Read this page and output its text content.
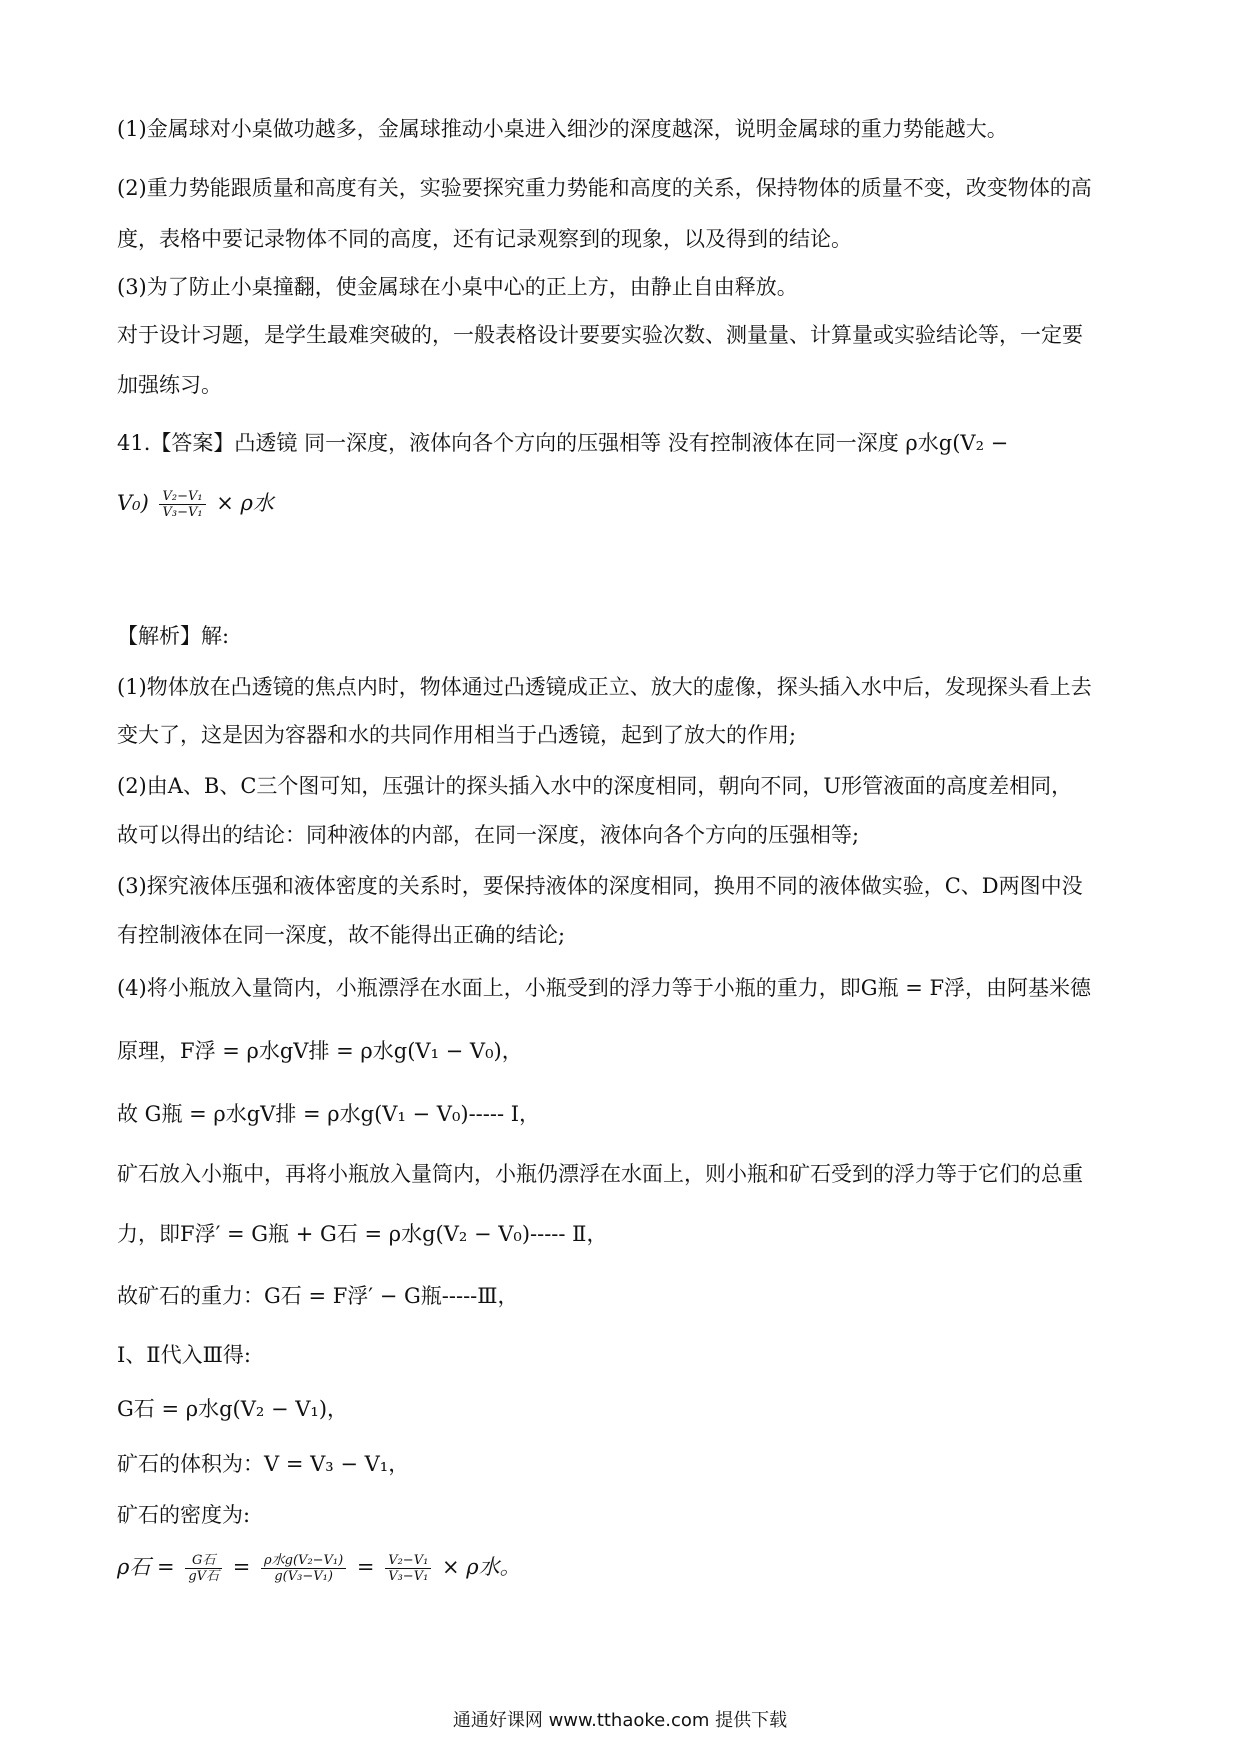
(1)金属球对小桌做功越多，金属球推动小桌进入细沙的深度越深，说明金属球的重力势能越大。
(2)重力势能跟质量和高度有关，实验要探究重力势能和高度的关系，保持物体的质量不变，改变物体的高
度，表格中要记录物体不同的高度，还有记录观察到的现象，以及得到的结论。
(3)为了防止小桌撞翻，使金属球在小桌中心的正上方，由静止自由释放。
对于设计习题，是学生最难突破的，一般表格设计要要实验次数、测量量、计算量或实验结论等，一定要
加强练习。
41.【答案】凸透镜 同一深度，液体向各个方向的压强相等 没有控制液体在同一深度 ρ水g(V₂ −
$V_0) \frac{\text{V₂−V₁}}{\text{V₃−V₁}} \times \rho$水
【解析】解:
(1)物体放在凸透镜的焦点内时，物体通过凸透镜成正立、放大的虚像，探头插入水中后，发现探头看上去
变大了，这是因为容器和水的共同作用相当于凸透镜，起到了放大的作用;
(2)由A、B、C三个图可知，压强计的探头插入水中的深度相同，朝向不同，U形管液面的高度差相同，
故可以得出的结论：同种液体的内部，在同一深度，液体向各个方向的压强相等;
(3)探究液体压强和液体密度的关系时，要保持液体的深度相同，换用不同的液体做实验，C、D两图中没
有控制液体在同一深度，故不能得出正确的结论;
(4)将小瓶放入量筒内，小瓶漂浮在水面上，小瓶受到的浮力等于小瓶的重力，即G瓶 = F浮，由阿基米德
原理，F浮 = ρ水gV排 = ρ水g(V₁ − V₀)，
故 G瓶 = ρ水gV排 = ρ水g(V₁ − V₀)----- Ⅰ，
矿石放入小瓶中，再将小瓶放入量筒内，小瓶仍漂浮在水面上，则小瓶和矿石受到的浮力等于它们的总重
力，即F浮′ = G瓶 + G石 = ρ水g(V₂ − V₀)----- Ⅱ，
故矿石的重力：G石 = F浮′ − G瓶-----Ⅲ，
Ⅰ、Ⅱ代入Ⅲ得:
G石 = ρ水g(V₂ − V₁)，
矿石的体积为：V = V₃ − V₁，
矿石的密度为:
ρ石 = $\frac{\text{G石}}{\text{gV石}} = \frac{\text{ρ水g(V₂−V₁)}}{\text{g(V₃−V₁)}} = \frac{\text{V₂−V₁}}{\text{V₃−V₁}} \times \rho$水。
通通好课网 www.tthaoke.com 提供下载
